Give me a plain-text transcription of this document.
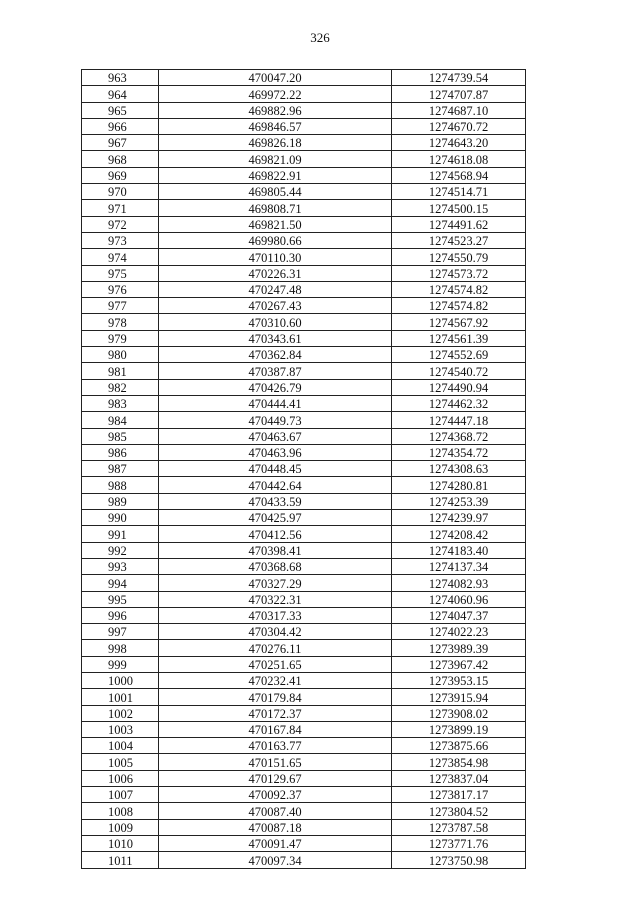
326
963	470047.20	1274739.54
964	469972.22	1274707.87
965	469882.96	1274687.10
966	469846.57	1274670.72
967	469826.18	1274643.20
968	469821.09	1274618.08
969	469822.91	1274568.94
970	469805.44	1274514.71
971	469808.71	1274500.15
972	469821.50	1274491.62
973	469980.66	1274523.27
974	470110.30	1274550.79
975	470226.31	1274573.72
976	470247.48	1274574.82
977	470267.43	1274574.82
978	470310.60	1274567.92
979	470343.61	1274561.39
980	470362.84	1274552.69
981	470387.87	1274540.72
982	470426.79	1274490.94
983	470444.41	1274462.32
984	470449.73	1274447.18
985	470463.67	1274368.72
986	470463.96	1274354.72
987	470448.45	1274308.63
988	470442.64	1274280.81
989	470433.59	1274253.39
990	470425.97	1274239.97
991	470412.56	1274208.42
992	470398.41	1274183.40
993	470368.68	1274137.34
994	470327.29	1274082.93
995	470322.31	1274060.96
996	470317.33	1274047.37
997	470304.42	1274022.23
998	470276.11	1273989.39
999	470251.65	1273967.42
1000	470232.41	1273953.15
1001	470179.84	1273915.94
1002	470172.37	1273908.02
1003	470167.84	1273899.19
1004	470163.77	1273875.66
1005	470151.65	1273854.98
1006	470129.67	1273837.04
1007	470092.37	1273817.17
1008	470087.40	1273804.52
1009	470087.18	1273787.58
1010	470091.47	1273771.76
1011	470097.34	1273750.98
